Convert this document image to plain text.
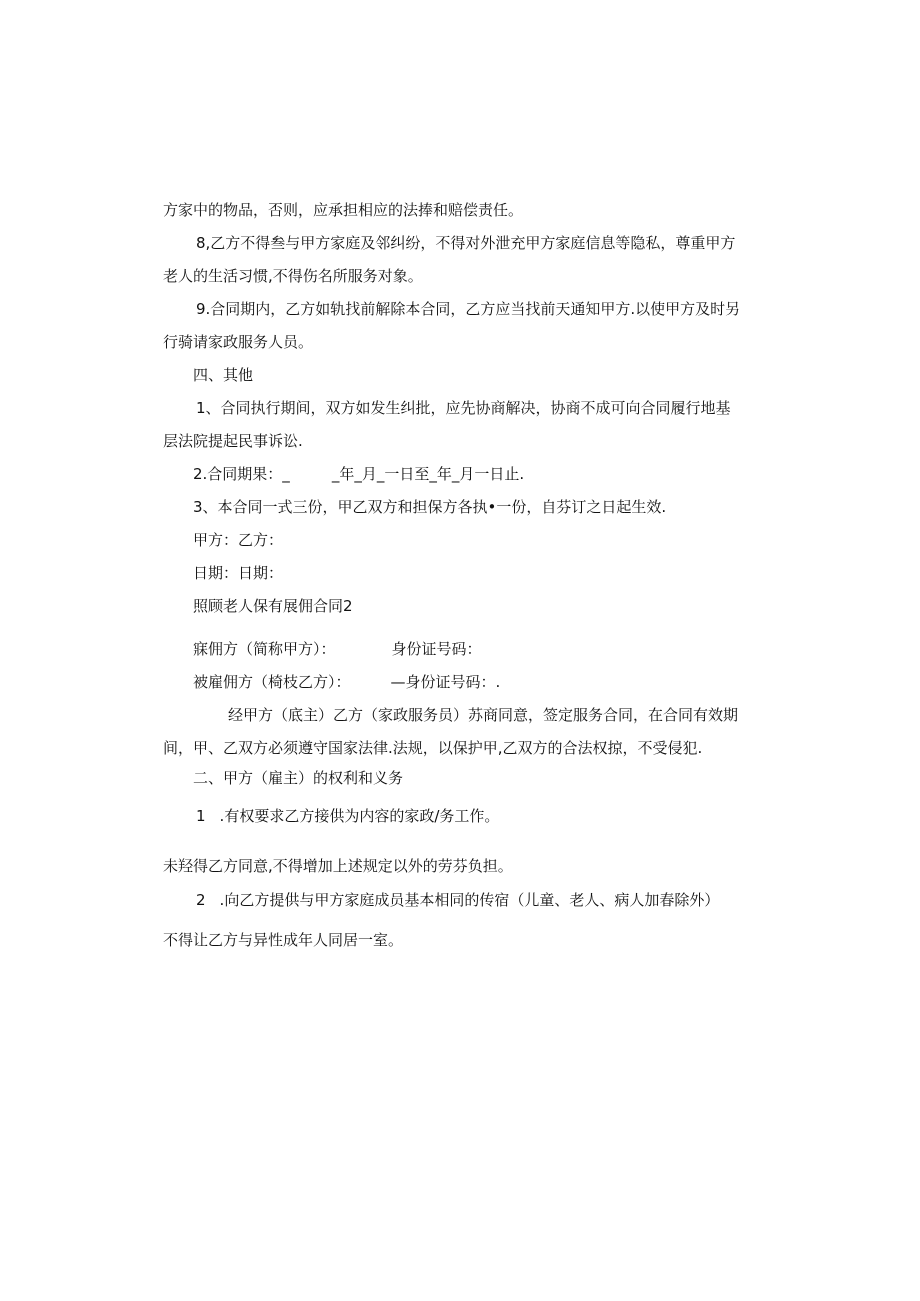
方家中的物品，否则，应承担相应的法捧和赔偿责任。
8,乙方不得叁与甲方家庭及邻纠纷，不得对外泄充甲方家庭信息等隐私，尊重甲方
老人的生活习惯,不得伤名所服务对象。
9.合同期内，乙方如轨找前解除本合同，乙方应当找前天通知甲方.以使甲方及时另
行骑请家政服务人员。
四、其他
1、合同执行期间，双方如发生纠批，应先协商解决，协商不成可向合同履行地基
层法院提起民事诉讼.
2.合同期果：_	_年_月_一日至_年_月一日止.
3、本合同一式三份，甲乙双方和担保方各执•一份，自芬订之日起生效.
甲方：乙方：
日期：日期：
照顾老人保有展佣合同2
寐佣方（简称甲方）：	身份证号码：
被雇佣方（椅枝乙方）：	—身份证号码：.
经甲方（底主）乙方（家政服务员）苏商同意，签定服务合同，在合同有效期
间，甲、乙双方必须遵守国家法律.法规，以保护甲,乙双方的合法权掠，不受侵犯.
二、甲方（雇主）的权利和义务
1 .有权要求乙方接供为内容的家政/务工作。
未羟得乙方同意,不得增加上述规定以外的劳芬负担。
2 .向乙方提供与甲方家庭成员基本相同的传宿（儿童、老人、病人加春除外）
不得让乙方与异性成年人同居一室。
